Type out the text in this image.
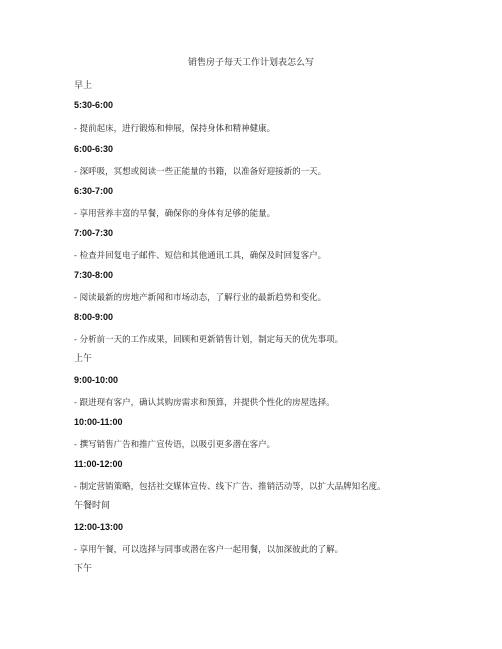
销售房子每天工作计划表怎么写
早上
5:30-6:00
- 提前起床，进行锻炼和伸展，保持身体和精神健康。
6:00-6:30
- 深呼吸，冥想或阅读一些正能量的书籍，以准备好迎接新的一天。
6:30-7:00
- 享用营养丰富的早餐，确保你的身体有足够的能量。
7:00-7:30
- 检查并回复电子邮件、短信和其他通讯工具，确保及时回复客户。
7:30-8:00
- 阅读最新的房地产新闻和市场动态，了解行业的最新趋势和变化。
8:00-9:00
- 分析前一天的工作成果，回顾和更新销售计划，制定每天的优先事项。
上午
9:00-10:00
- 跟进现有客户，确认其购房需求和预算，并提供个性化的房屋选择。
10:00-11:00
- 撰写销售广告和推广宣传语，以吸引更多潜在客户。
11:00-12:00
- 制定营销策略，包括社交媒体宣传、线下广告、推销活动等，以扩大品牌知名度。
午餐时间
12:00-13:00
- 享用午餐，可以选择与同事或潜在客户一起用餐，以加深彼此的了解。
下午
